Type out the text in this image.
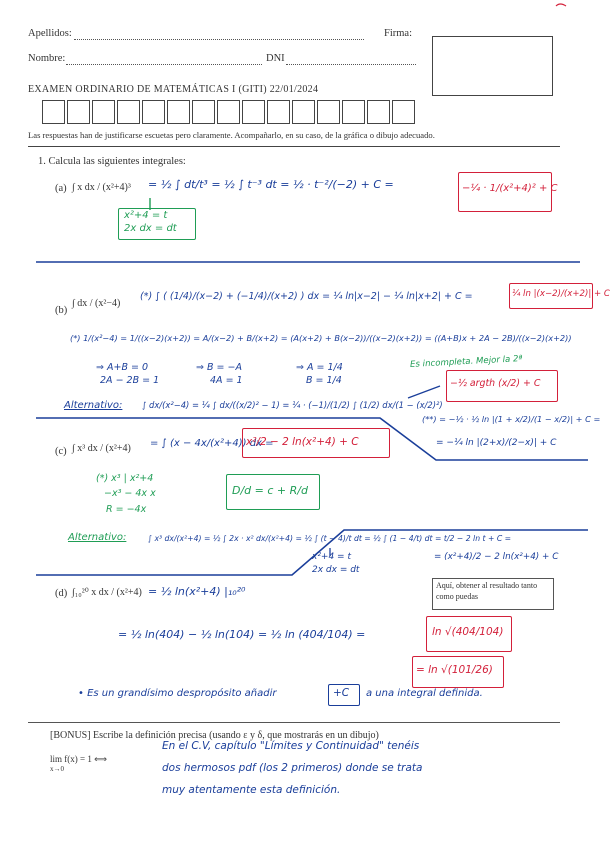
Apellidos:	Firma:
Nombre:	DNI
EXAMEN ORDINARIO DE MATEMÁTICAS I (GITI) 22/01/2024
Las respuestas han de justificarse escuetas pero claramente. Acompañarlo, en su caso, de la gráfica o dibujo adecuado.
1. Calcula las siguientes integrales:
(a) ∫ x dx / (x²+4)³ = ½ ∫ dt/t³ = ½ ∫ t⁻³ dt = ½ · t⁻²/(−2) + C =	−¼ · 1/(x²+4)² + C
x²+4 = t
2x dx = dt
(b)
∫ dx / (x²−4)
(*) ∫ ( (1/4)/(x−2) + (−1/4)/(x+2) ) dx = ¼ ln|x−2| − ¼ ln|x+2| + C =	¼ ln |(x−2)/(x+2)| + C
(*) 1/(x²−4) = 1/((x−2)(x+2)) = A/(x−2) + B/(x+2) = (A(x+2) + B(x−2))/((x−2)(x+2)) = ((A+B)x + 2A − 2B)/((x−2)(x+2))
⇒ A+B = 0
2A − 2B = 1
⇒ B = −A
4A = 1
⇒ A = 1/4
B = 1/4
Es incompleta. Mejor la 2ª
Alternativo: ∫ dx/(x²−4) = ¼ ∫ dx/((x/2)² − 1) = ¼ · (−1)/(1/2) ∫ (1/2) dx/(1 − (x/2)²)
−½ argth (x/2) + C
(**) = −½ · ½ ln |(1 + x/2)/(1 − x/2)| + C =
= −¼ ln |(2+x)/(2−x)| + C
(c) ∫ x³ dx / (x²+4) = ∫ (x − 4x/(x²+4)) dx =
x²/2 − 2 ln(x²+4) + C
(*) x³ | x²+4
−x³ − 4x x
R = −4x
D/d = c + R/d
Alternativo:	∫ x³ dx/(x²+4) = ½ ∫ 2x · x² dx/(x²+4) = ½ ∫ (t − 4)/t dt = ½ ∫ (1 − 4/t) dt = t/2 − 2 ln t + C =
x²+4 = t
2x dx = dt
= (x²+4)/2 − 2 ln(x²+4) + C
(d) ∫₁₀²⁰ x dx / (x²+4) = ½ ln(x²+4) |₁₀²⁰	Aquí, obtener al resultado tanto como puedas
= ½ ln(404) − ½ ln(104) = ½ ln (404/104) =	ln √(404/104)
= ln √(101/26)
• Es un grandísimo despropósito añadir	+C a una integral definida.
[BONUS] Escribe la definición precisa (usando ε y δ, que mostrarás en un dibujo)
lim f(x) = 1 ⟺
x→0
En el C.V, capítulo "Límites y Continuidad" tenéis
dos hermosos pdf (los 2 primeros) donde se trata
muy atentamente esta definición.
